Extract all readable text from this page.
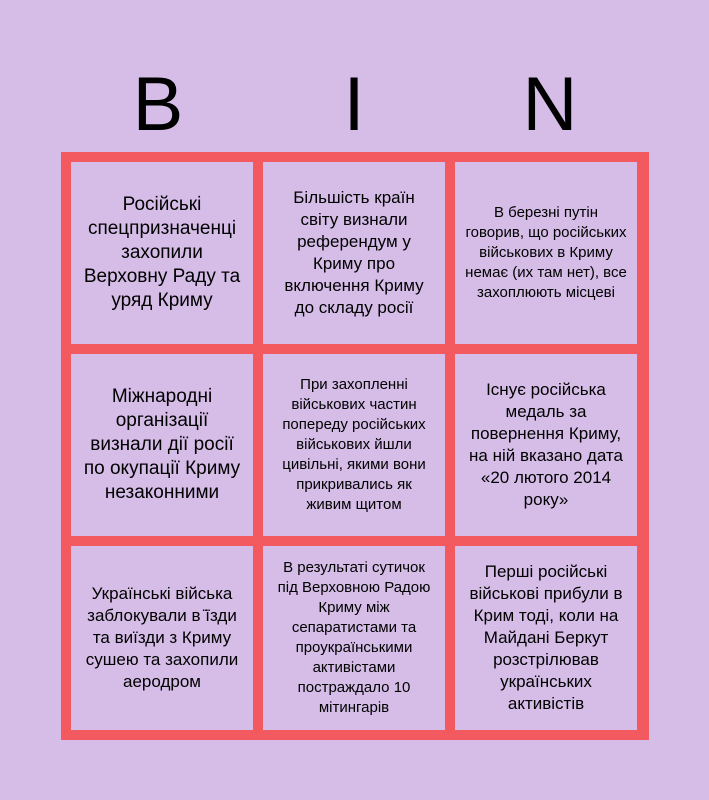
B	I	N
Російські спецпризначенці захопили Верховну Раду та уряд Криму
Більшість країн світу визнали референдум у Криму про включення Криму до складу росії
В березні путін говорив, що російських військових в Криму немає (их там нет), все захоплюють місцеві
Міжнародні організації визнали дії росії по окупації Криму незаконними
При захопленні військових частин попереду російських військових йшли цивільні, якими вони прикривались як живим щитом
Існує російська медаль за повернення Криму, на ній вказано дата «20 лютого 2014 року»
Українські війська заблокували в ̈їзди та виїзди з Криму сушею та захопили аеродром
В результаті сутичок під Верховною Радою Криму між сепаратистами та проукраїнськими активістами постраждало 10 мітингарів
Перші російські військові прибули в Крим тоді, коли на Майдані Беркут розстрілював українських активістів
